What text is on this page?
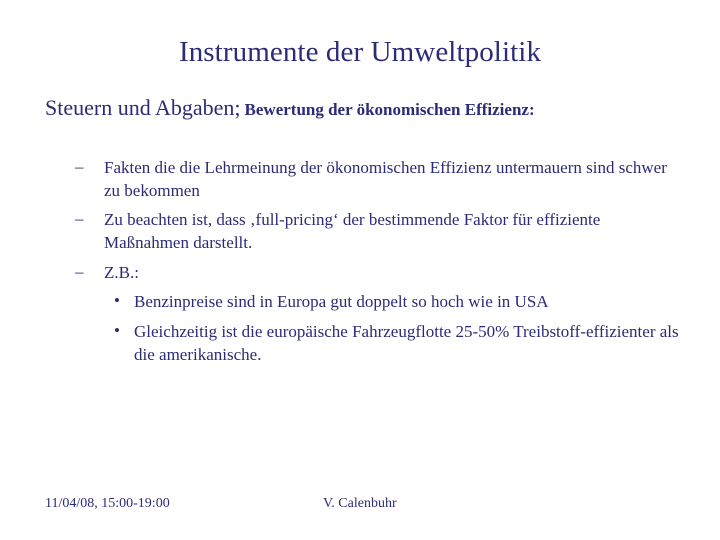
Instrumente der Umweltpolitik
Steuern und Abgaben; Bewertung der ökonomischen Effizienz:
– Fakten die die Lehrmeinung der ökonomischen Effizienz untermauern sind schwer zu bekommen
– Zu beachten ist, dass ‚full-pricing‘ der bestimmende Faktor für effiziente Maßnahmen darstellt.
– Z.B.:
• Benzinpreise sind in Europa gut doppelt so hoch wie in USA
• Gleichzeitig ist die europäische Fahrzeugflotte 25-50% Treibstoff-effizienter als die amerikanische.
11/04/08, 15:00-19:00	V. Calenbuhr
